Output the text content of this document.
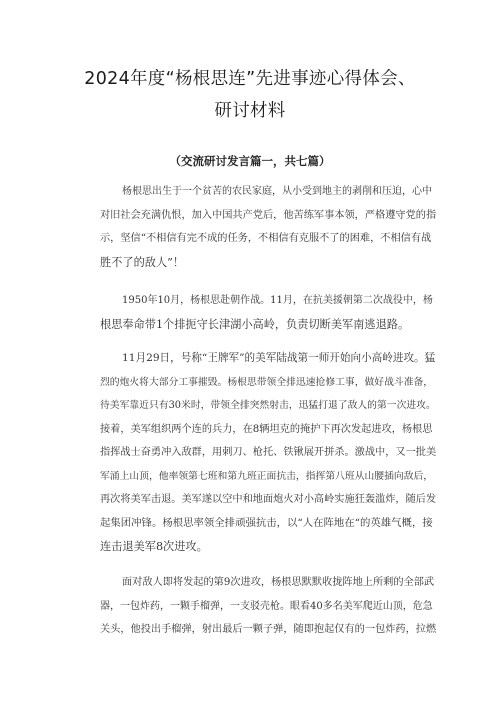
2024年度“杨根思连”先进事迹心得体会、
研讨材料

（交流研讨发言篇一，共七篇）

杨根思出生于一个贫苦的农民家庭，从小受到地主的剥削和压迫，心中
对旧社会充满仇恨，加入中国共产党后，他苦练军事本领，严格遵守党的指
示，坚信“不相信有完不成的任务，不相信有克服不了的困难，不相信有战
胜不了的敌人”！
1950年10月，杨根思赴朝作战。11月，在抗美援朝第二次战役中，杨
根思奉命带1个排扼守长津湖小高岭，负责切断美军南逃退路。
11月29日，号称“王牌军”的美军陆战第一师开始向小高岭进攻。猛
烈的炮火将大部分工事摧毁。杨根思带领全排迅速抢修工事，做好战斗准备，
待美军靠近只有30米时，带领全排突然射击，迅猛打退了敌人的第一次进攻。
接着，美军组织两个连的兵力，在8辆坦克的掩护下再次发起进攻，杨根思
指挥战士奋勇冲入敌群，用刺刀、枪托、铁锹展开拼杀。激战中，又一批美
军涌上山顶，他率领第七班和第九班正面抗击，指挥第八班从山腰插向敌后，
再次将美军击退。美军遂以空中和地面炮火对小高岭实施狂轰滥炸，随后发
起集团冲锋。杨根思率领全排顽强抗击，以“人在阵地在“的英雄气概，接
连击退美军8次进攻。
面对敌人即将发起的第9次进攻，杨根思默默收拢阵地上所剩的全部武
器，一包炸药，一颗手榴弹，一支驳壳枪。眼看40多名美军爬近山顶，危急
关头，他投出手榴弹，射出最后一颗子弹，随即抱起仅有的一包炸药，拉燃
